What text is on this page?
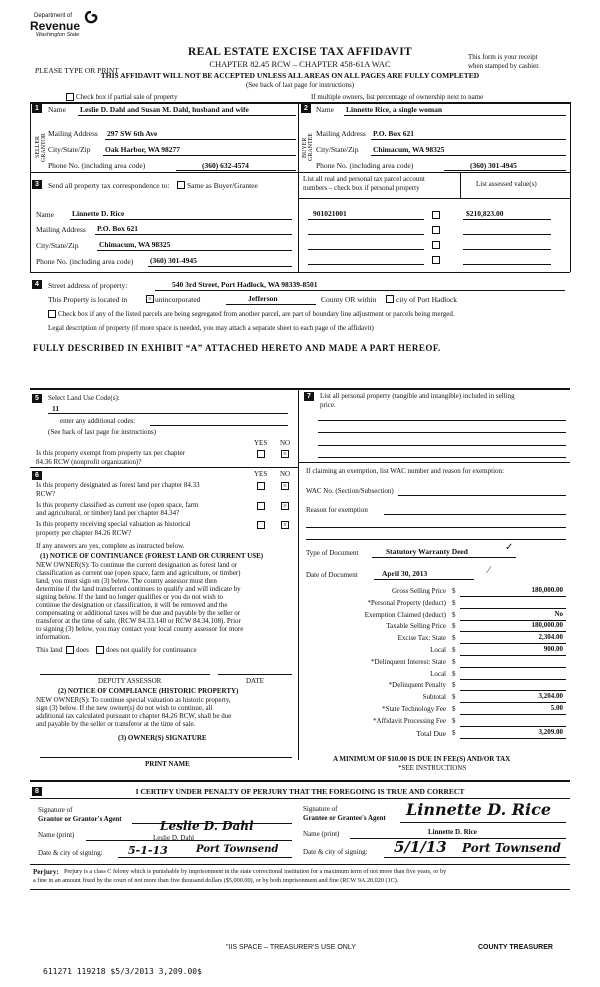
Department of
Revenue
Washington State
PLEASE TYPE OR PRINT
REAL ESTATE EXCISE TAX AFFIDAVIT
CHAPTER 82.45 RCW – CHAPTER 458-61A WAC
This form is your receipt
when stamped by cashier.
THIS AFFIDAVIT WILL NOT BE ACCEPTED UNLESS ALL AREAS ON ALL PAGES ARE FULLY COMPLETED
(See back of last page for instructions)
Check box if partial sale of property	If multiple owners, list percentage of ownership next to name
1
SELLER GRANTOR
Name Leslie D. Dahl and Susan M. Dahl, husband and wife
Mailing Address 297 SW 6th Ave
City/State/Zip Oak Harbor, WA 98277
Phone No. (including area code)	(360) 632-4574
2
BUYER GRANTEE
Name Linnette Rice, a single woman
Mailing Address P.O. Box 621
City/State/Zip Chimacum, WA 98325
Phone No. (including area code)	(360) 301-4945
3	Send all property tax correspondence to: Same as Buyer/Grantee
Name Linnette D. Rice
Mailing Address P.O. Box 621
City/State/Zip	Chimacum, WA 98325
Phone No. (including area code) (360) 301-4945
List all real and personal tax parcel account
numbers – check box if personal property	List assessed value(s)
901021001	$210,823.00
4	Street address of property:	540 3rd Street, Port Hadlock, WA 98339-8501
This Property is located in	× unincorporated	Jefferson	County OR within	city of Port Hadlock
Check box if any of the listed parcels are being segregated from another parcel, are part of boundary line adjustment or parcels being merged.
Legal description of property (if more space is needed, you may attach a separate sheet to each page of the affidavit)
FULLY DESCRIBED IN EXHIBIT “A” ATTACHED HERETO AND MADE A PART HEREOF.
5	Select Land Use Code(s):
11
enter any additional codes:
(See back of last page for instructions)
YES NO
Is this property exempt from property tax per chapter
84.36 RCW (nonprofit organization)?
×
6	YES NO
Is this property designated as forest land per chapter 84.33
RCW?
×
Is this property classified as current use (open space, farm
and agricultural, or timber) land per chapter 84.34?
×
Is this property receiving special valuation as historical
property per chapter 84.26 RCW?
×
If any answers are yes, complete as instructed below.
(1) NOTICE OF CONTINUANCE (FOREST LAND OR CURRENT USE)
NEW OWNER(S): To continue the current designation as forest land or
classification as current use (open space, farm and agriculture, or timber)
land, you must sign on (3) below. The county assessor must then
determine if the land transferred continues to qualify and will indicate by
signing below. If the land no longer qualifies or you do not wish to
continue the designation or classification, it will be removed and the
compensating or additional taxes will be due and payable by the seller or
transferor at the time of sale. (RCW 84.33.140 or RCW 84.34.108). Prior
to signing (3) below, you may contact your local county assessor for more
information.
This land does does not qualify for continuance
DEPUTY ASSESSOR	DATE
(2) NOTICE OF COMPLIANCE (HISTORIC PROPERTY)
NEW OWNER(S): To continue special valuation as historic property,
sign (3) below. If the new owner(s) do not wish to continue, all
additional tax calculated pursuant to chapter 84.26 RCW, shall be due
and payable by the seller or transferor at the time of sale.
(3) OWNER(S) SIGNATURE
PRINT NAME
7	List all personal property (tangible and intangible) included in selling
price.
If claiming an exemption, list WAC number and reason for exemption:
WAC No. (Section/Subsection)
Reason for exemption
Type of Document	Statutory Warranty Deed
Date of Document	April 30, 2013
✓
⁄
Gross Selling Price $	180,000.00
*Personal Property (deduct) $
Exemption Claimed (deduct) $	No
Taxable Selling Price $	180,000.00
Excise Tax: State $	2,304.00
Local $	900.00
*Delinquent Interest: State $
Local $
*Delinquent Penalty $
Subtotal $	3,204.00
*State Technology Fee $	5.00
*Affidavit Processing Fee $
Total Due $	3,209.00
A MINIMUM OF $10.00 IS DUE IN FEE(S) AND/OR TAX
*SEE INSTRUCTIONS
8	I CERTIFY UNDER PENALTY OF PERJURY THAT THE FOREGOING IS TRUE AND CORRECT
Signature of
Grantor or Grantor's Agent
Name (print)
Leslie D. Dahl
Leslie D. Dahl
Date & city of signing: 5-1-13	Port Townsend
Signature of
Grantee or Grantee's Agent Linnette D. Rice
Name (print)	Linnette D. Rice
Date & city of signing: 5/1/13 Port Townsend
Perjury: Perjury is a class C felony which is punishable by imprisonment in the state correctional institution for a maximum term of not more than five years, or by
a fine in an amount fixed by the court of not more than five thousand dollars ($5,000.00), or by both imprisonment and fine (RCW 9A.20.020 (1C).
"IIS SPACE – TREASURER'S USE ONLY	COUNTY TREASURER
611271 119218 $5/3/2013 3,209.00$
